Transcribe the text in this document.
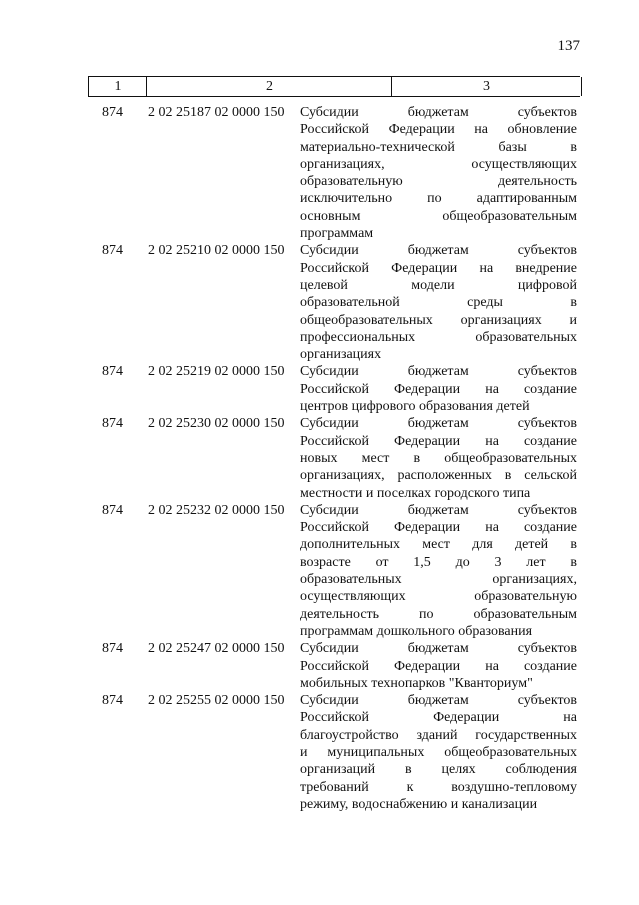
137
1	2	3
874	2 02 25187 02 0000 150	Субсидии бюджетам субъектов
Российской Федерации на обновление
материально-технической базы в
организациях, осуществляющих
образовательную деятельность
исключительно по адаптированным
основным общеобразовательным
программам
874	2 02 25210 02 0000 150	Субсидии бюджетам субъектов
Российской Федерации на внедрение
целевой модели цифровой
образовательной среды в
общеобразовательных организациях и
профессиональных образовательных
организациях
874	2 02 25219 02 0000 150	Субсидии бюджетам субъектов
Российской Федерации на создание
центров цифрового образования детей
874	2 02 25230 02 0000 150	Субсидии бюджетам субъектов
Российской Федерации на создание
новых мест в общеобразовательных
организациях, расположенных в сельской
местности и поселках городского типа
874	2 02 25232 02 0000 150	Субсидии бюджетам субъектов
Российской Федерации на создание
дополнительных мест для детей в
возрасте от 1,5 до 3 лет в
образовательных организациях,
осуществляющих образовательную
деятельность по образовательным
программам дошкольного образования
874	2 02 25247 02 0000 150	Субсидии бюджетам субъектов
Российской Федерации на создание
мобильных технопарков "Кванториум"
874	2 02 25255 02 0000 150	Субсидии бюджетам субъектов
Российской Федерации на
благоустройство зданий государственных
и муниципальных общеобразовательных
организаций в целях соблюдения
требований к воздушно-тепловому
режиму, водоснабжению и канализации
